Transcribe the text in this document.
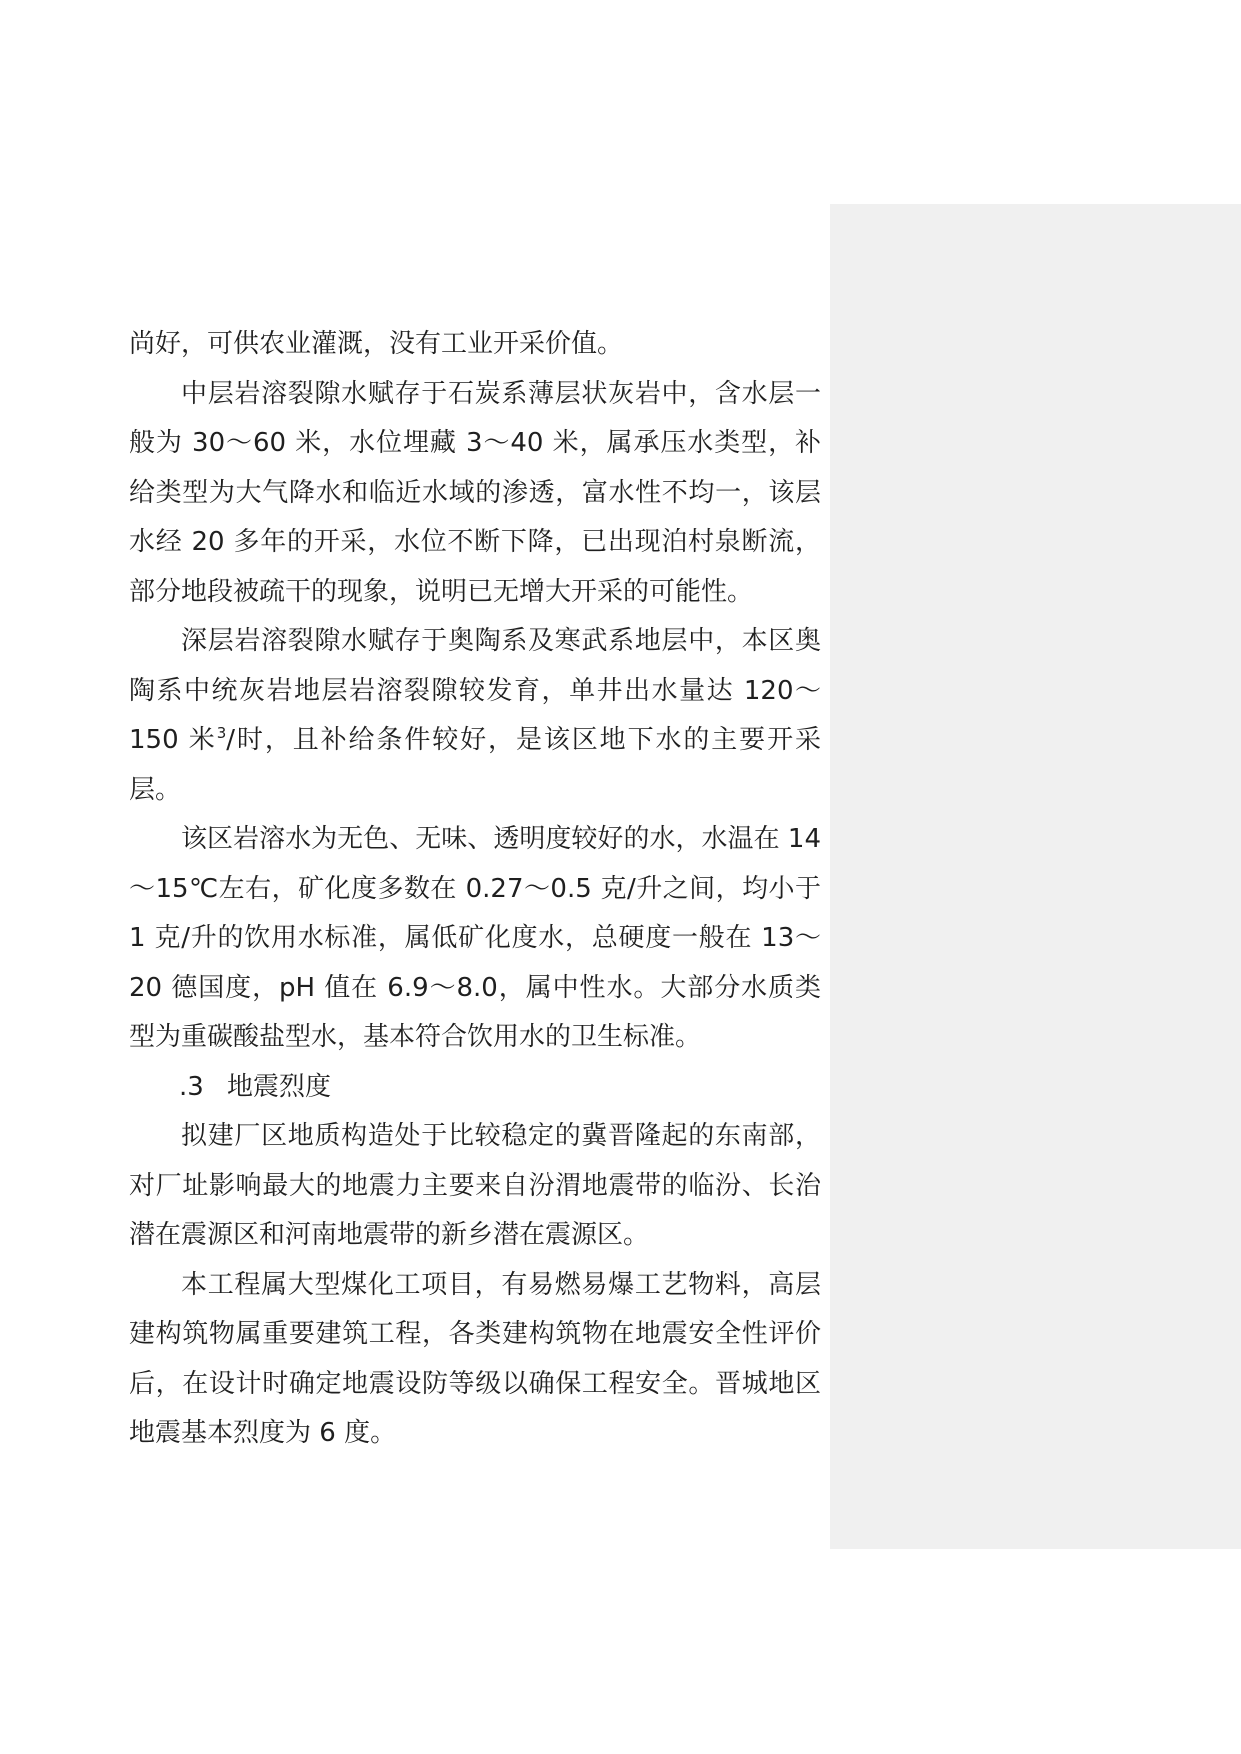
尚好，可供农业灌溉，没有工业开采价值。

中层岩溶裂隙水赋存于石炭系薄层状灰岩中，含水层一般为 30～60 米，水位埋藏 3～40 米，属承压水类型，补给类型为大气降水和临近水域的渗透，富水性不均一，该层水经 20 多年的开采，水位不断下降，已出现泊村泉断流，部分地段被疏干的现象，说明已无增大开采的可能性。

深层岩溶裂隙水赋存于奥陶系及寒武系地层中，本区奥陶系中统灰岩地层岩溶裂隙较发育，单井出水量达 120～150 米$^3$/时，且补给条件较好，是该区地下水的主要开采层。

该区岩溶水为无色、无味、透明度较好的水，水温在 14～15℃左右，矿化度多数在 0.27～0.5 克/升之间，均小于 1 克/升的饮用水标准，属低矿化度水，总硬度一般在 13～20 德国度，pH 值在 6.9～8.0，属中性水。大部分水质类型为重碳酸盐型水，基本符合饮用水的卫生标准。

.3 地震烈度

拟建厂区地质构造处于比较稳定的冀晋隆起的东南部，对厂址影响最大的地震力主要来自汾渭地震带的临汾、长治潜在震源区和河南地震带的新乡潜在震源区。

本工程属大型煤化工项目，有易燃易爆工艺物料，高层建构筑物属重要建筑工程，各类建构筑物在地震安全性评价后，在设计时确定地震设防等级以确保工程安全。晋城地区地震基本烈度为 6 度。
